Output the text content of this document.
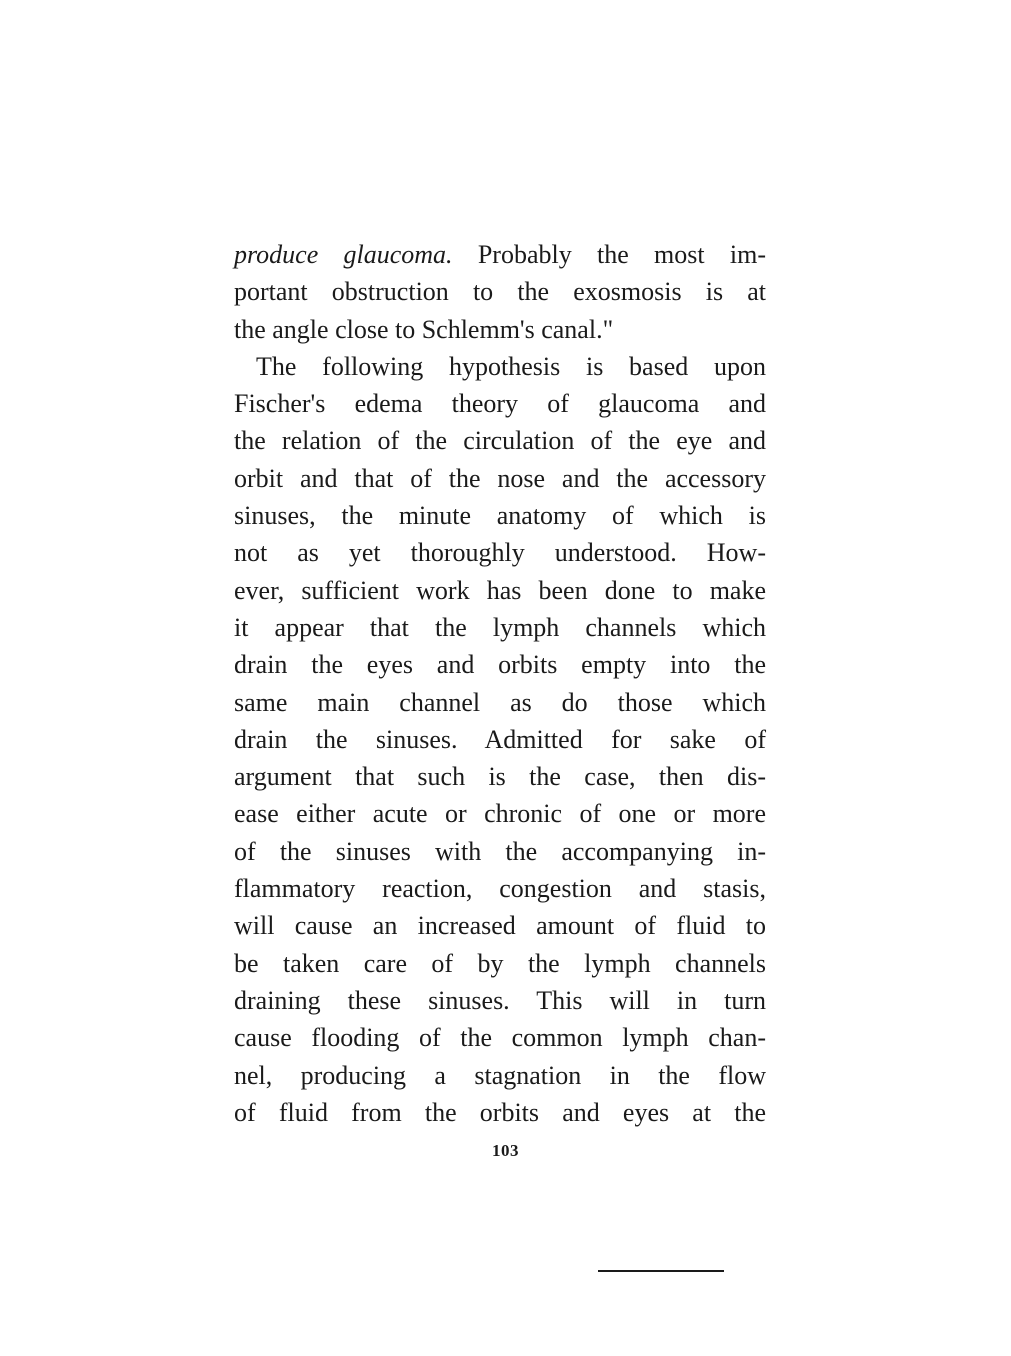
produce glaucoma. Probably the most im-
portant obstruction to the exosmosis is at
the angle close to Schlemm's canal."
The following hypothesis is based upon
Fischer's edema theory of glaucoma and
the relation of the circulation of the eye and
orbit and that of the nose and the accessory
sinuses, the minute anatomy of which is
not as yet thoroughly understood. How-
ever, sufficient work has been done to make
it appear that the lymph channels which
drain the eyes and orbits empty into the
same main channel as do those which
drain the sinuses. Admitted for sake of
argument that such is the case, then dis-
ease either acute or chronic of one or more
of the sinuses with the accompanying in-
flammatory reaction, congestion and stasis,
will cause an increased amount of fluid to
be taken care of by the lymph channels
draining these sinuses. This will in turn
cause flooding of the common lymph chan-
nel, producing a stagnation in the flow
of fluid from the orbits and eyes at the
103
